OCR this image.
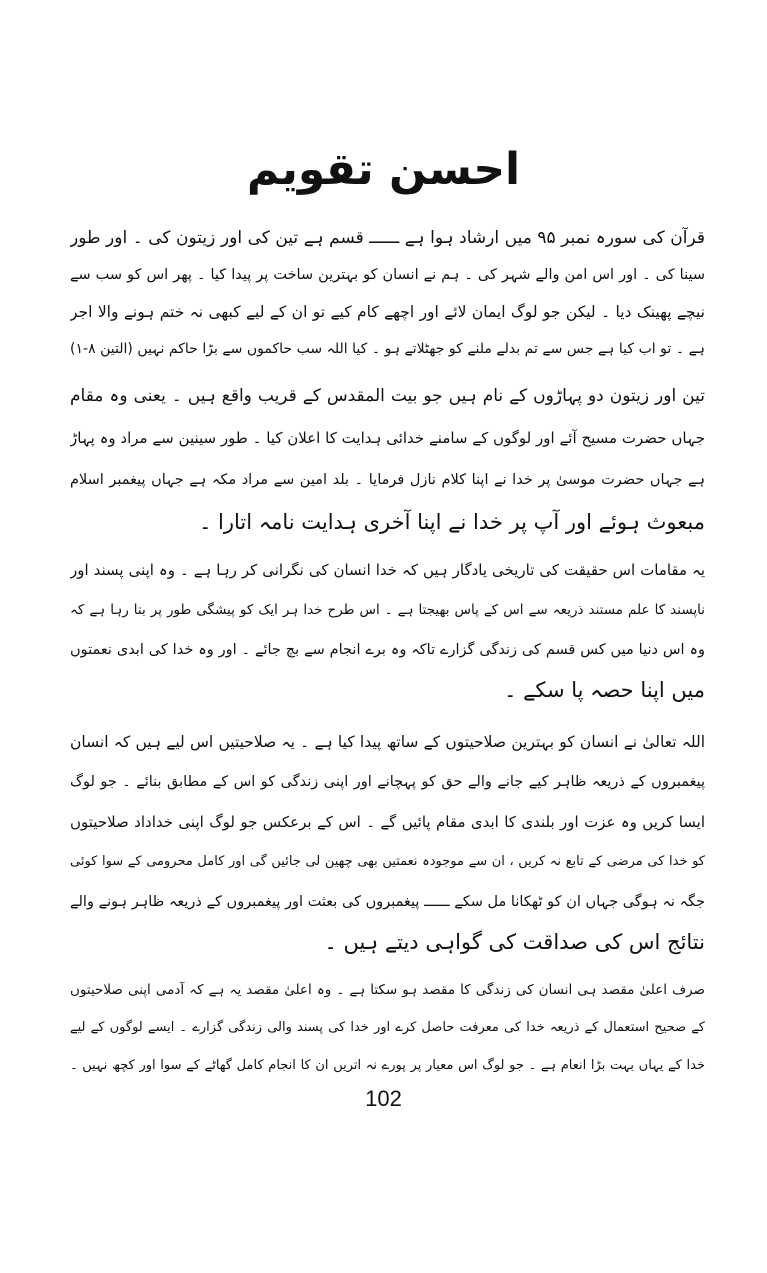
احسن تقویم
قرآن کی سورہ نمبر ۹۵ میں ارشاد ہوا ہے ــــــ قسم ہے تین کی اور زیتون کی ۔ اور طور
سینا کی ۔ اور اس امن والے شہر کی ۔ ہم نے انسان کو بہترین ساخت پر پیدا کیا ۔ پھر اس کو سب سے
نیچے پھینک دیا ۔ لیکن جو لوگ ایمان لائے اور اچھے کام کیے تو ان کے لیے کبھی نہ ختم ہونے والا اجر
ہے ۔ تو اب کیا ہے جس سے تم بدلے ملنے کو جھٹلاتے ہو ۔ کیا اللہ سب حاکموں سے بڑا حاکم نہیں (التین ۸-۱)
تین اور زیتون دو پہاڑوں کے نام ہیں جو بیت المقدس کے قریب واقع ہیں ۔ یعنی وہ مقام
جہاں حضرت مسیح آئے اور لوگوں کے سامنے خدائی ہدایت کا اعلان کیا ۔ طور سینین سے مراد وہ پہاڑ
ہے جہاں حضرت موسیٰ پر خدا نے اپنا کلام نازل فرمایا ۔ بلد امین سے مراد مکہ ہے جہاں پیغمبر اسلام
مبعوث ہوئے اور آپ پر خدا نے اپنا آخری ہدایت نامہ اتارا ۔
یہ مقامات اس حقیقت کی تاریخی یادگار ہیں کہ خدا انسان کی نگرانی کر رہا ہے ۔ وہ اپنی پسند اور
ناپسند کا علم مستند ذریعہ سے اس کے پاس بھیجتا ہے ۔ اس طرح خدا ہر ایک کو پیشگی طور پر بتا رہا ہے کہ
وہ اس دنیا میں کس قسم کی زندگی گزارے تاکہ وہ برے انجام سے بچ جائے ۔ اور وہ خدا کی ابدی نعمتوں
میں اپنا حصہ پا سکے ۔
اللہ تعالیٰ نے انسان کو بہترین صلاحیتوں کے ساتھ پیدا کیا ہے ۔ یہ صلاحیتیں اس لیے ہیں کہ انسان
پیغمبروں کے ذریعہ ظاہر کیے جانے والے حق کو پہچانے اور اپنی زندگی کو اس کے مطابق بنائے ۔ جو لوگ
ایسا کریں وہ عزت اور بلندی کا ابدی مقام پائیں گے ۔ اس کے برعکس جو لوگ اپنی خداداد صلاحیتوں
کو خدا کی مرضی کے تابع نہ کریں ، ان سے موجودہ نعمتیں بھی چھین لی جائیں گی اور کامل محرومی کے سوا کوئی
جگہ نہ ہوگی جہاں ان کو ٹھکانا مل سکے ــــــ پیغمبروں کی بعثت اور پیغمبروں کے ذریعہ ظاہر ہونے والے
نتائج اس کی صداقت کی گواہی دیتے ہیں ۔
صرف اعلیٰ مقصد ہی انسان کی زندگی کا مقصد ہو سکتا ہے ۔ وہ اعلیٰ مقصد یہ ہے کہ آدمی اپنی صلاحیتوں
کے صحیح استعمال کے ذریعہ خدا کی معرفت حاصل کرے اور خدا کی پسند والی زندگی گزارے ۔ ایسے لوگوں کے لیے
خدا کے یہاں بہت بڑا انعام ہے ۔ جو لوگ اس معیار پر پورے نہ اتریں ان کا انجام کامل گھاٹے کے سوا اور کچھ نہیں ۔
102
